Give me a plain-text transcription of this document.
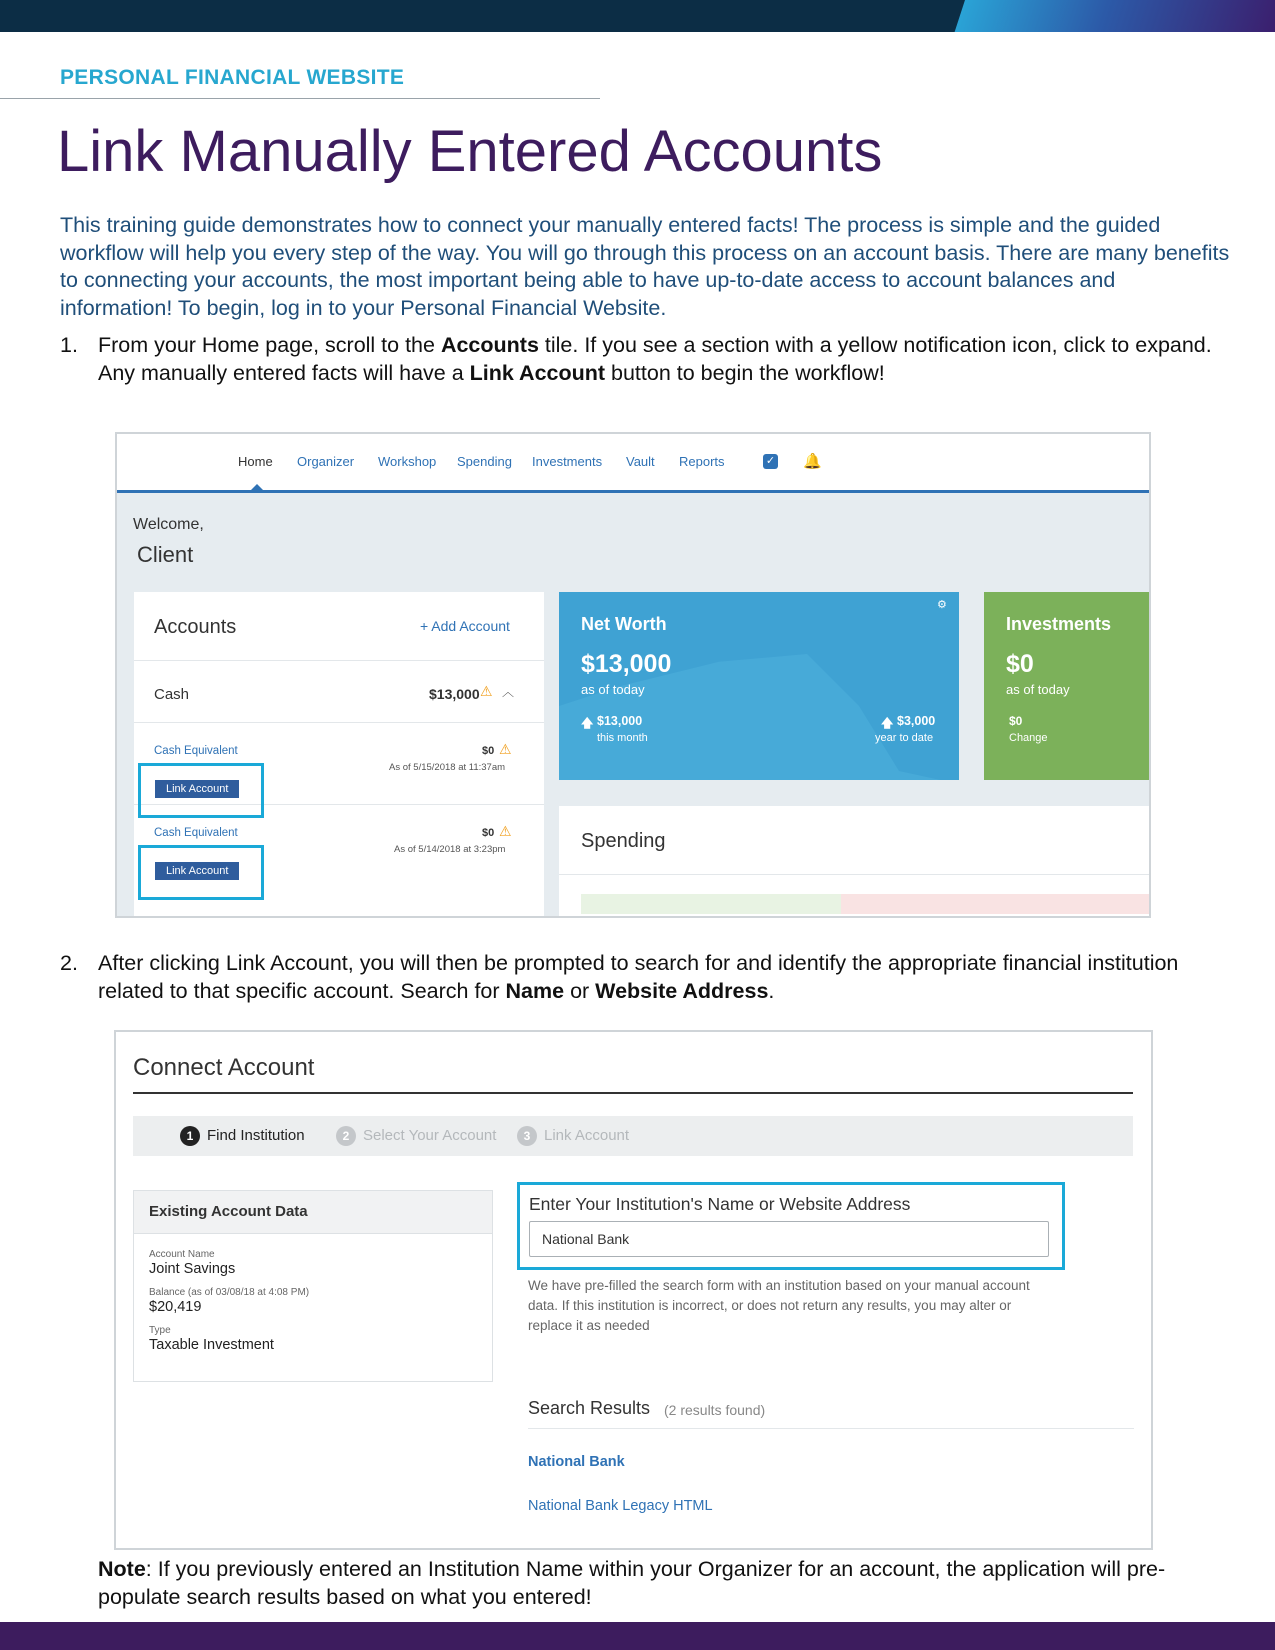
PERSONAL FINANCIAL WEBSITE
Link Manually Entered Accounts
This training guide demonstrates how to connect your manually entered facts! The process is simple and the guided workflow will help you every step of the way. You will go through this process on an account basis. There are many benefits to connecting your accounts, the most important being able to have up-to-date access to account balances and information! To begin, log in to your Personal Financial Website.
1. From your Home page, scroll to the Accounts tile. If you see a section with a yellow notification icon, click to expand. Any manually entered facts will have a Link Account button to begin the workflow!
Home Organizer Workshop Spending Investments Vault Reports	✓ 🔔
Welcome,
Client
Accounts	+ Add Account
Cash	$13,000 ⚠ ︿
Cash Equivalent	$0 ⚠
As of 5/15/2018 at 11:37am
Link Account
Cash Equivalent	$0 ⚠
As of 5/14/2018 at 3:23pm
Link Account
Net Worth
⚙
$13,000
as of today
🡅 $13,000
this month
🡅 $3,000
year to date
Investments
$0
as of today
$0
Change
Spending
2. After clicking Link Account, you will then be prompted to search for and identify the appropriate financial institution related to that specific account. Search for Name or Website Address.
Connect Account
1 Find Institution	2 Select Your Account	3 Link Account
Existing Account Data
Account Name
Joint Savings
Balance (as of 03/08/18 at 4:08 PM)
$20,419
Type
Taxable Investment
Enter Your Institution's Name or Website Address
National Bank
We have pre-filled the search form with an institution based on your manual account data. If this institution is incorrect, or does not return any results, you may alter or replace it as needed
Search Results (2 results found)
National Bank
National Bank Legacy HTML
Note: If you previously entered an Institution Name within your Organizer for an account, the application will pre-populate search results based on what you entered!
